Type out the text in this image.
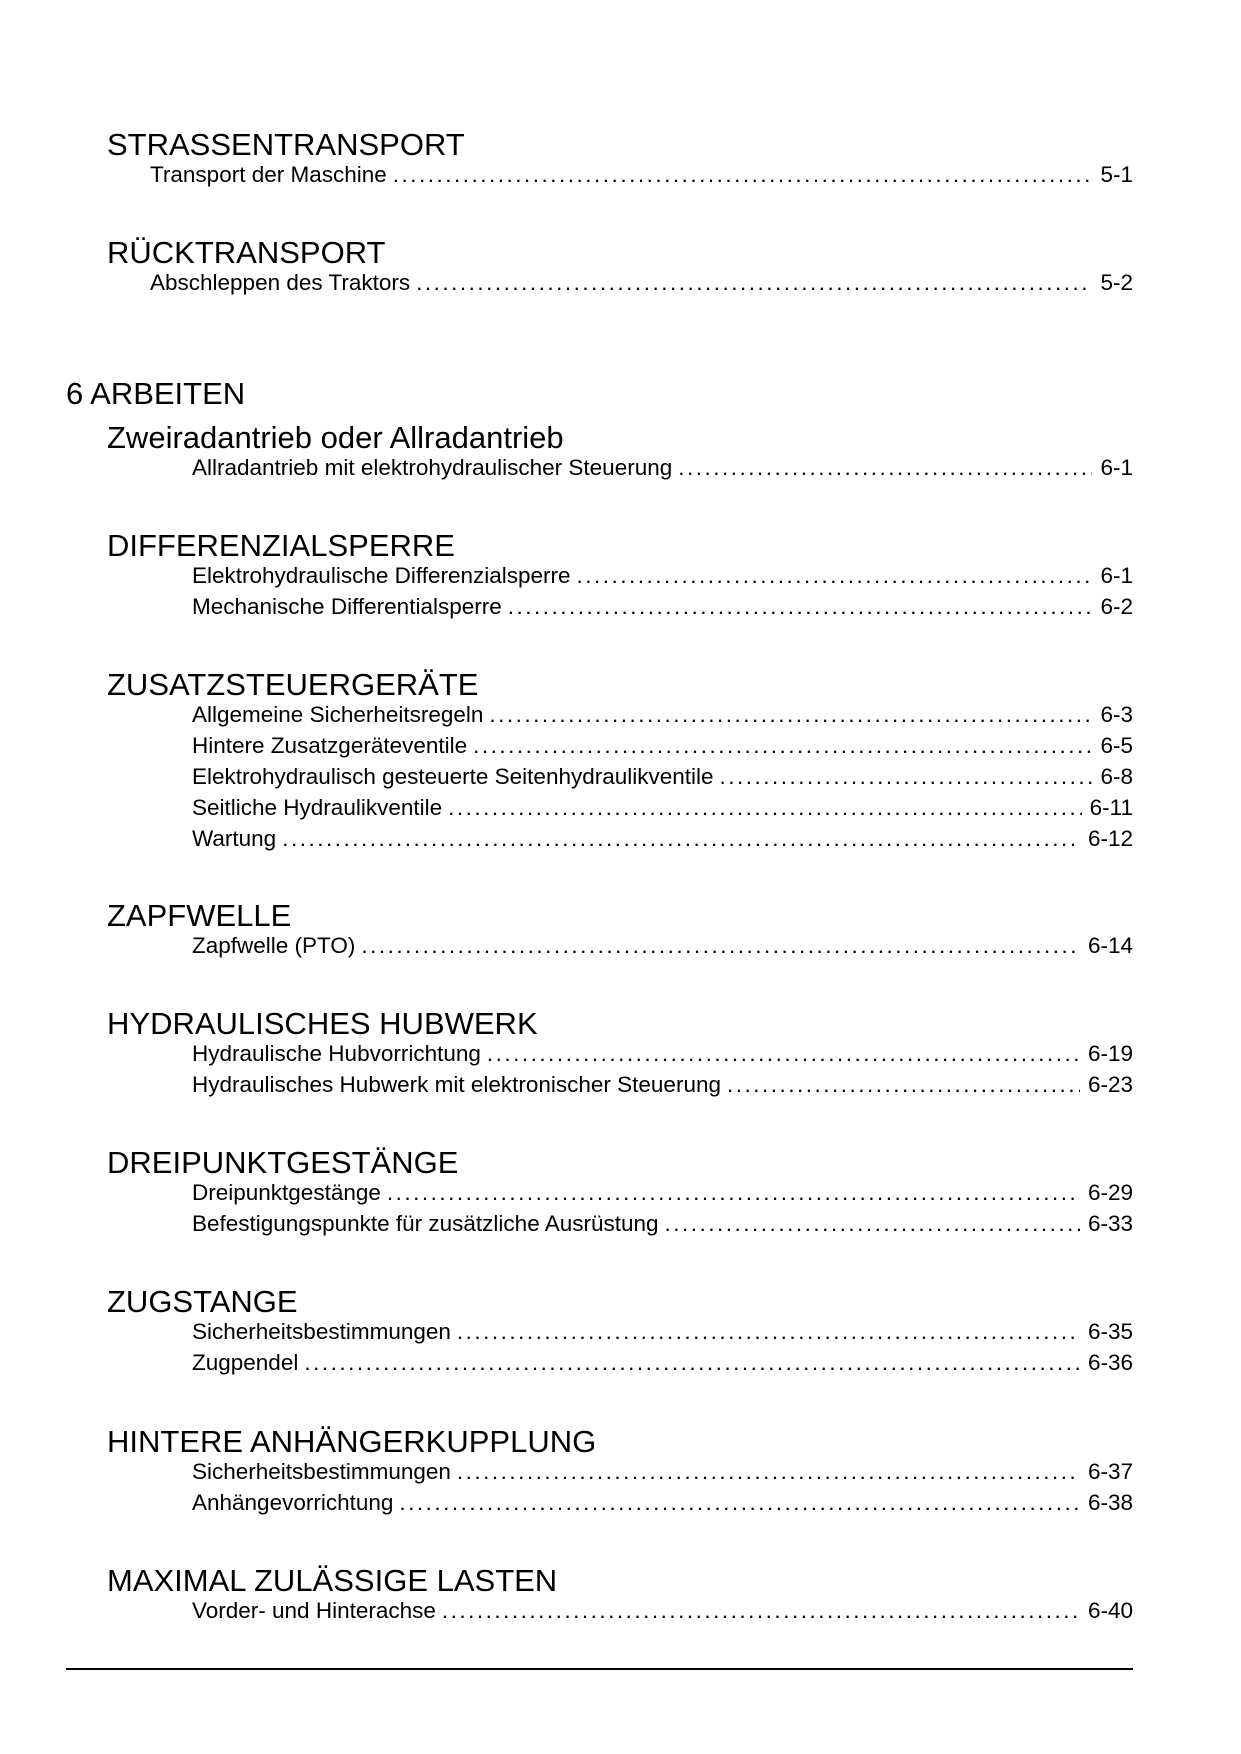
STRASSENTRANSPORT
Transport der Maschine .....	5-1
RÜCKTRANSPORT
Abschleppen des Traktors .....	5-2
6 ARBEITEN
Zweiradantrieb oder Allradantrieb
Allradantrieb mit elektrohydraulischer Steuerung .....	6-1
DIFFERENZIALSPERRE
Elektrohydraulische Differenzialsperre .....	6-1
Mechanische Differentialsperre .....	6-2
ZUSATZSTEUERGERÄTE
Allgemeine Sicherheitsregeln .....	6-3
Hintere Zusatzgeräteventile .....	6-5
Elektrohydraulisch gesteuerte Seitenhydraulikventile .....	6-8
Seitliche Hydraulikventile .....	6-11
Wartung .....	6-12
ZAPFWELLE
Zapfwelle (PTO) .....	6-14
HYDRAULISCHES HUBWERK
Hydraulische Hubvorrichtung .....	6-19
Hydraulisches Hubwerk mit elektronischer Steuerung .....	6-23
DREIPUNKTGESTÄNGE
Dreipunktgestänge .....	6-29
Befestigungspunkte für zusätzliche Ausrüstung .....	6-33
ZUGSTANGE
Sicherheitsbestimmungen .....	6-35
Zugpendel .....	6-36
HINTERE ANHÄNGERKUPPLUNG
Sicherheitsbestimmungen .....	6-37
Anhängevorrichtung .....	6-38
MAXIMAL ZULÄSSIGE LASTEN
Vorder- und Hinterachse .....	6-40
